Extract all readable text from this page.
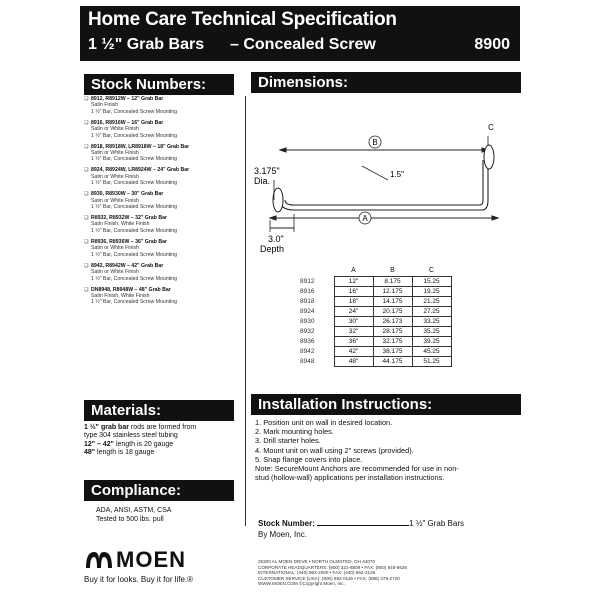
Home Care Technical Specification
1 ½" Grab Bars – Concealed Screw	8900
Stock Numbers:	Dimensions:
Materials:
Compliance:
Installation Instructions:
❑ 8912, R8912W – 12" Grab Bar
Satin Finish
1 ½" Bar, Concealed Screw Mounting
❑ 8916, R8916W – 16" Grab Bar
Satin or White Finish
1 ½" Bar, Concealed Screw Mounting
❑ 8918, R8918W, LR8918W – 18" Grab Bar
Satin or White Finish
1 ½" Bar, Concealed Screw Mounting
❑ 8924, R8924W, LR8924W – 24" Grab Bar
Satin or White Finish
1 ½" Bar, Concealed Screw Mounting
❑ 8930, R8930W – 30" Grab Bar
Satin or White Finish
1 ½" Bar, Concealed Screw Mounting
❑ R8932, R8932W – 32" Grab Bar
Satin Finish, White Finish
1 ½" Bar, Concealed Screw Mounting
❑ R8936, R8936W – 36" Grab Bar
Satin or White Finish
1 ½" Bar, Concealed Screw Mounting
❑ 8942, R8942W – 42" Grab Bar
Satin or White Finish
1 ½" Bar, Concealed Screw Mounting
❑ DN8948, R8948W – 48" Grab Bar
Satin Finish, White Finish
1 ½" Bar, Concealed Screw Mounting
B
A
C
1.5"
3.175"
Dia.
3.0"
Depth
	A	B	C
8912	12"	8.175	15.25
8916	16"	12.175	19.25
8918	18"	14.175	21.25
8924	24"	20.175	27.25
8930	30"	26.173	33.25
8932	32"	28.175	35.25
8936	36"	32.175	39.25
8942	42"	38.175	45.25
8948	48"	44.175	51.25
1 ½" grab bar rods are formed from
type 304 stainless steel tubing
12" – 42" length is 20 gauge
48" length is 18 gauge
ADA, ANSI, ASTM, CSA
Tested to 500 lbs. pull
MOEN
Buy it for looks. Buy it for life.®
1. Position unit on wall in desired location.
2. Mark mounting holes.
3. Drill starter holes.
4. Mount unit on wall using 2" screws (provided).
5. Snap flange covers into place.
Note: SecureMount Anchors are recommended for use in non-
stud (hollow-wall) applications per installation instructions.
Stock Number:	1 ½" Grab Bars
By Moen, Inc.
25300 AL MOEN DRIVE • NORTH OLMSTED, OH 44070
CORPORATE HEADQUARTERS: (800) 321-8809 • FAX: (800) 848-6636
INTERNATIONAL: (440) 962-2000 • FAX: (440) 962-2126
CUSTOMER SERVICE (USA): (800) 882-0116 • FAX: (888) 379-2720
WWW.MOEN.COM ©Copyright Moen, Inc.
